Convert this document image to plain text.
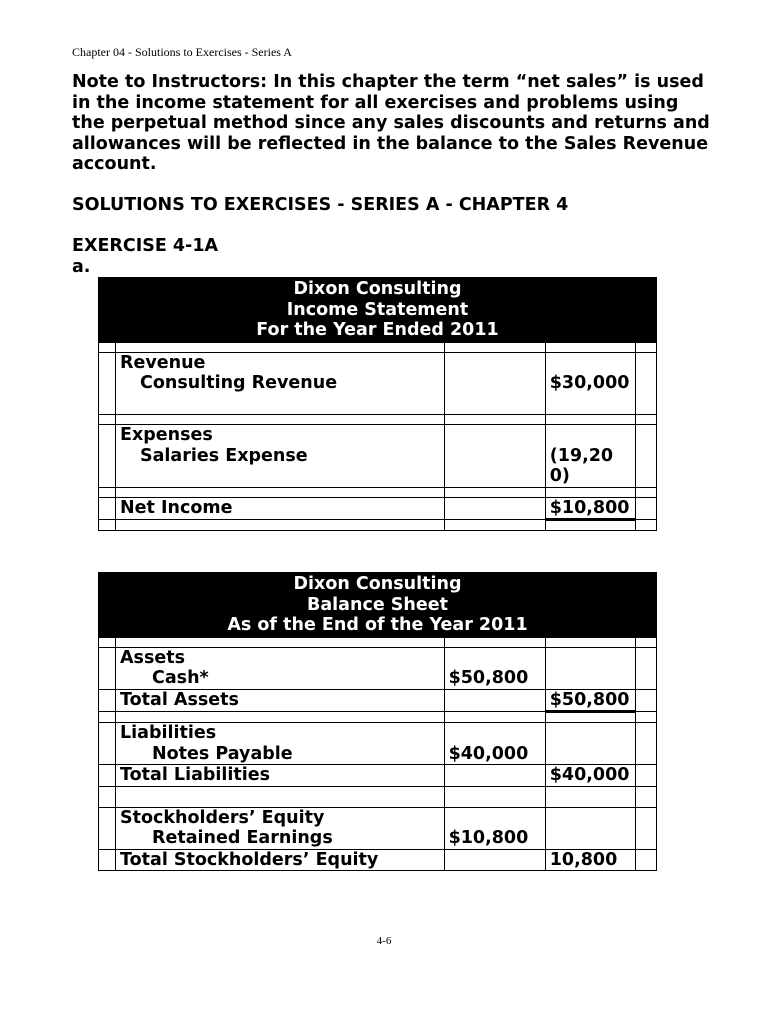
Chapter 04 - Solutions to Exercises - Series A

Note to Instructors: In this chapter the term “net sales” is used in the income statement for all exercises and problems using the perpetual method since any sales discounts and returns and allowances will be reflected in the balance to the Sales Revenue account.

SOLUTIONS TO EXERCISES - SERIES A - CHAPTER 4
EXERCISE 4-1A
a.
Dixon Consulting
Income Statement
For the Year Ended 2011				

	Revenue
Consulting Revenue		$30,000	

	Expenses
Salaries Expense		(19,200)	

	Net Income		$10,800	

Dixon Consulting
Balance Sheet
As of the End of the Year 2011				

	Assets
Cash*	$50,800		

	Total Assets		$50,800	

	Liabilities
Notes Payable	$40,000		

	Total Liabilities		$40,000	

	Stockholders’ Equity
Retained Earnings	$10,800		

	Total Stockholders’ Equity		10,800	
4-6
